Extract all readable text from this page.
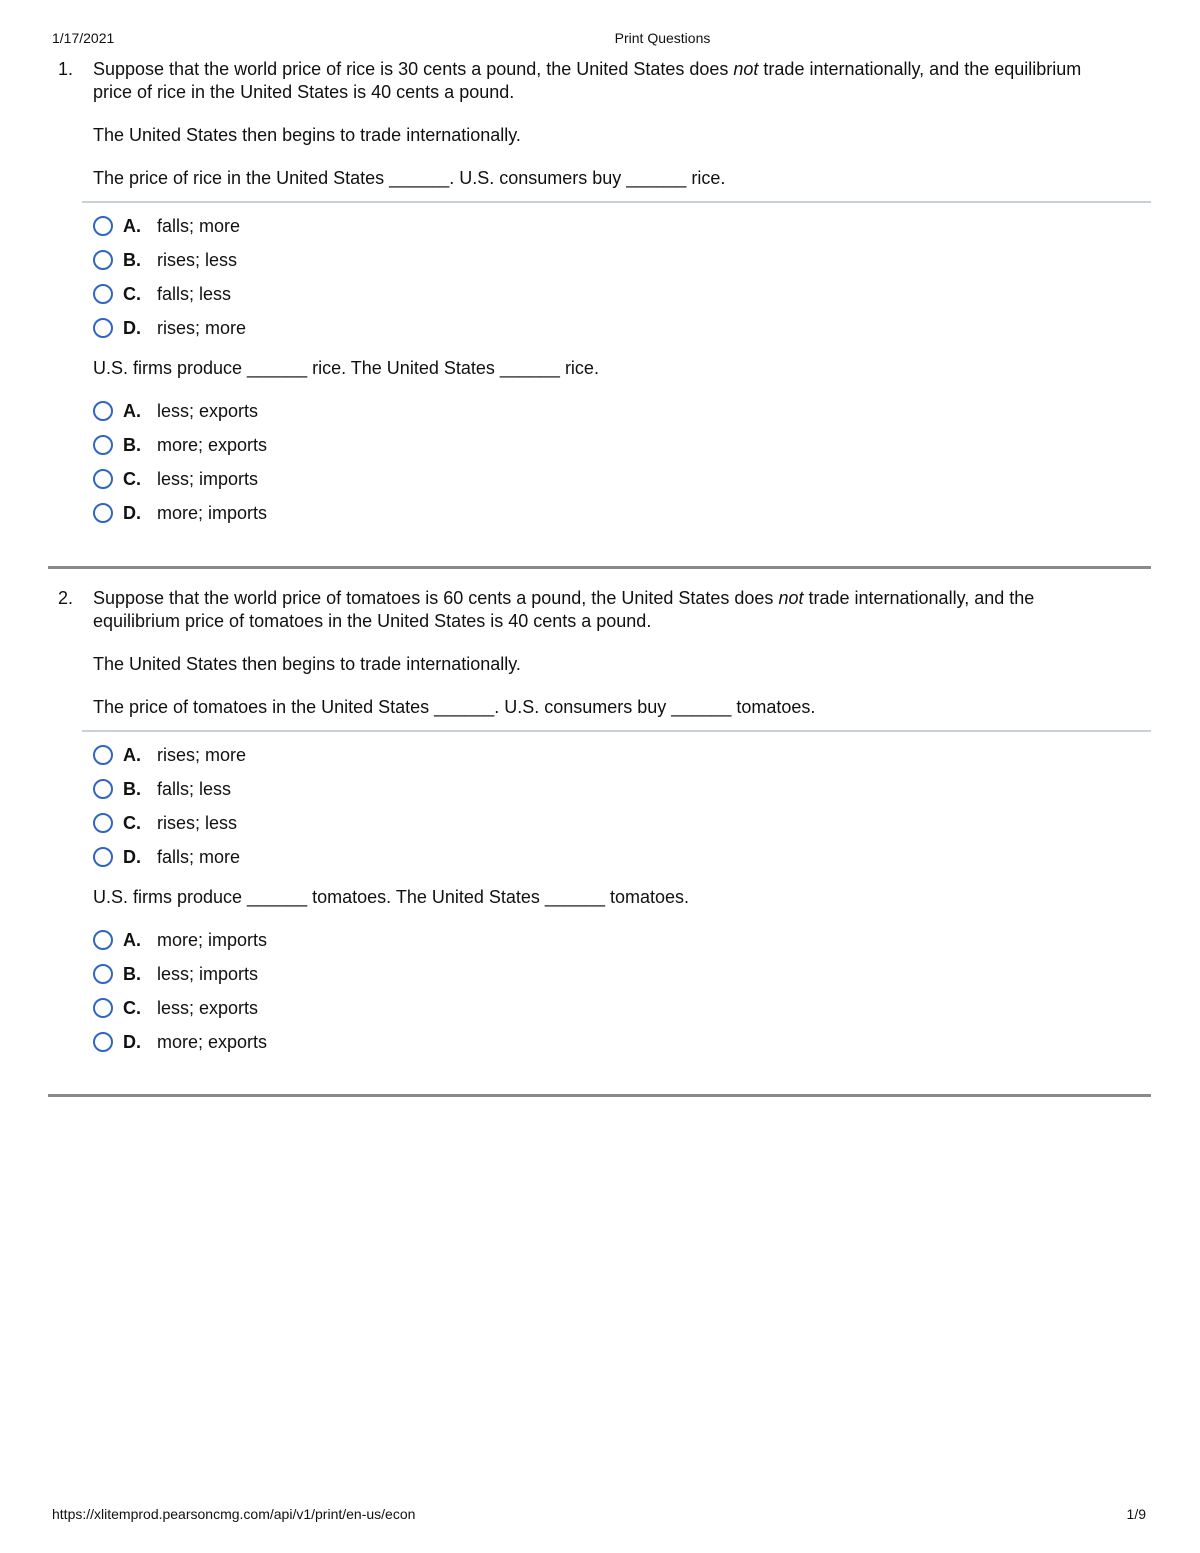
1/17/2021	Print Questions
1. Suppose that the world price of rice is 30 cents a pound, the United States does not trade internationally, and the equilibrium price of rice in the United States is 40 cents a pound.

The United States then begins to trade internationally.

The price of rice in the United States ______. U.S. consumers buy ______ rice.

A. falls; more
B. rises; less
C. falls; less
D. rises; more

U.S. firms produce ______ rice. The United States ______ rice.

A. less; exports
B. more; exports
C. less; imports
D. more; imports
2. Suppose that the world price of tomatoes is 60 cents a pound, the United States does not trade internationally, and the equilibrium price of tomatoes in the United States is 40 cents a pound.

The United States then begins to trade internationally.

The price of tomatoes in the United States ______. U.S. consumers buy ______ tomatoes.

A. rises; more
B. falls; less
C. rises; less
D. falls; more

U.S. firms produce ______ tomatoes. The United States ______ tomatoes.

A. more; imports
B. less; imports
C. less; exports
D. more; exports
https://xlitemprod.pearsoncmg.com/api/v1/print/en-us/econ	1/9
